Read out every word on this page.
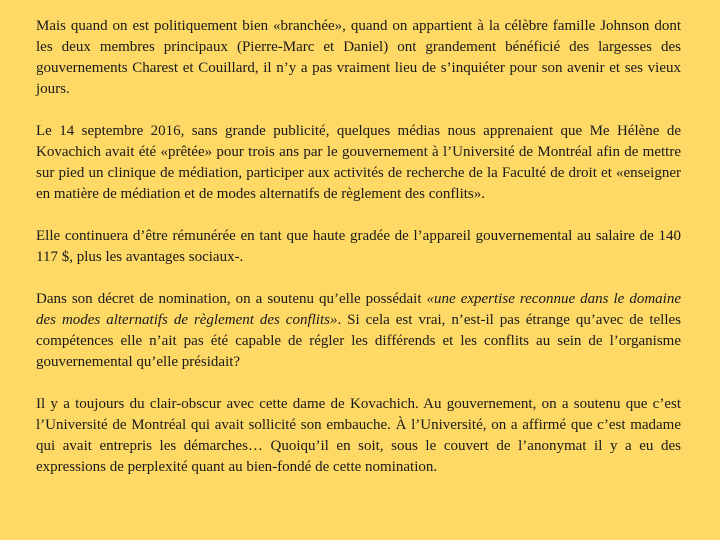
Mais quand on est politiquement bien «branchée», quand on appartient à la célèbre famille Johnson dont les deux membres principaux (Pierre-Marc et Daniel) ont grandement bénéficié des largesses des gouvernements Charest et Couillard, il n’y a pas vraiment lieu de s’inquiéter pour son avenir et ses vieux jours.

Le 14 septembre 2016, sans grande publicité, quelques médias nous apprenaient que Me Hélène de Kovachich avait été «prêtée» pour trois ans par le gouvernement à l’Université de Montréal afin de mettre sur pied un clinique de médiation, participer aux activités de recherche de la Faculté de droit et «enseigner en matière de médiation et de modes alternatifs de règlement des conflits».

Elle continuera d’être rémunérée en tant que haute gradée de l’appareil gouvernemental au salaire de 140 117 $, plus les avantages sociaux-.

Dans son décret de nomination, on a soutenu qu’elle possédait «une expertise reconnue dans le domaine des modes alternatifs de règlement des conflits». Si cela est vrai, n’est-il pas étrange qu’avec de telles compétences elle n’ait pas été capable de régler les différends et les conflits au sein de l’organisme gouvernemental qu’elle présidait?

Il y a toujours du clair-obscur avec cette dame de Kovachich. Au gouvernement, on a soutenu que c’est l’Université de Montréal qui avait sollicité son embauche. À l’Université, on a affirmé que c’est madame qui avait entrepris les démarches… Quoiqu’il en soit, sous le couvert de l’anonymat il y a eu des expressions de perplexité quant au bien-fondé de cette nomination.
